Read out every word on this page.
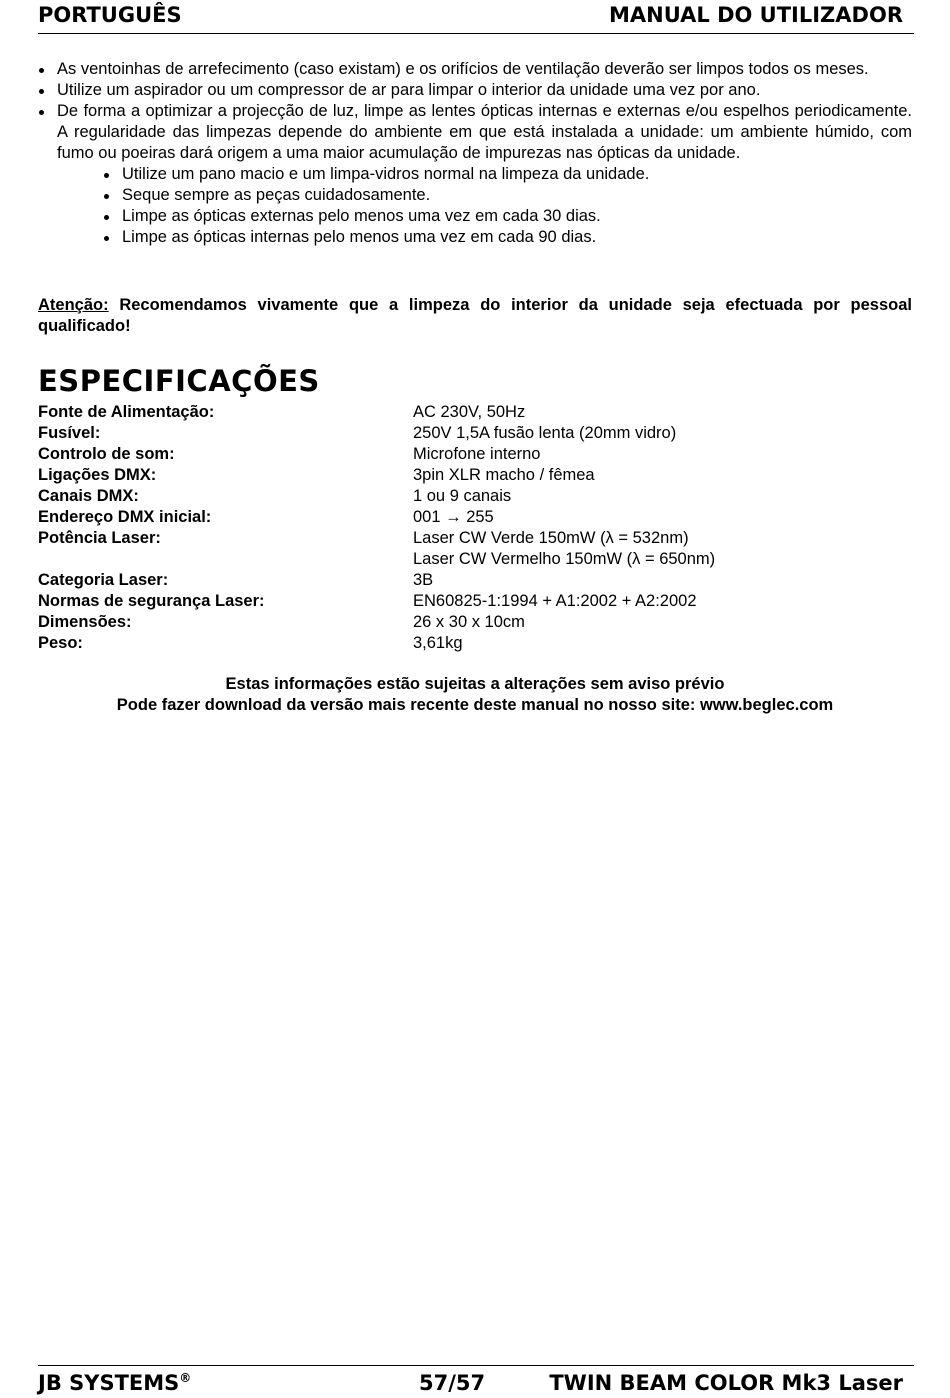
PORTUGUÊS	MANUAL DO UTILIZADOR
As ventoinhas de arrefecimento (caso existam) e os orifícios de ventilação deverão ser limpos todos os meses.
Utilize um aspirador ou um compressor de ar para limpar o interior da unidade uma vez por ano.
De forma a optimizar a projecção de luz, limpe as lentes ópticas internas e externas e/ou espelhos periodicamente. A regularidade das limpezas depende do ambiente em que está instalada a unidade: um ambiente húmido, com fumo ou poeiras dará origem a uma maior acumulação de impurezas nas ópticas da unidade.
Utilize um pano macio e um limpa-vidros normal na limpeza da unidade.
Seque sempre as peças cuidadosamente.
Limpe as ópticas externas pelo menos uma vez em cada 30 dias.
Limpe as ópticas internas pelo menos uma vez em cada 90 dias.
Atenção: Recomendamos vivamente que a limpeza do interior da unidade seja efectuada por pessoal qualificado!
ESPECIFICAÇÕES
Fonte de Alimentação:	AC 230V, 50Hz
Fusível:	250V 1,5A fusão lenta (20mm vidro)
Controlo de som:	Microfone interno
Ligações DMX:	3pin XLR macho / fêmea
Canais DMX:	1 ou 9 canais
Endereço DMX inicial:	001 → 255
Potência Laser:	Laser CW Verde 150mW (λ = 532nm)
	Laser CW Vermelho 150mW (λ = 650nm)
Categoria Laser:	3B
Normas de segurança Laser:	EN60825-1:1994 + A1:2002 + A2:2002
Dimensões:	26 x 30 x 10cm
Peso:	3,61kg
Estas informações estão sujeitas a alterações sem aviso prévio
Pode fazer download da versão mais recente deste manual no nosso site: www.beglec.com
JB SYSTEMS®	57/57	TWIN BEAM COLOR Mk3 Laser
